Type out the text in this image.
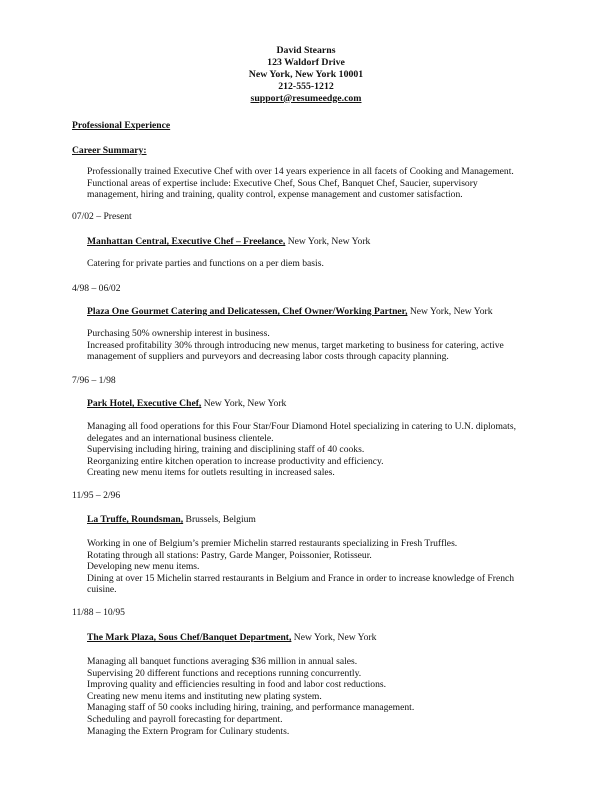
David Stearns
123 Waldorf Drive
New York, New York 10001
212-555-1212
support@resumeedge.com
Professional Experience
Career Summary:
Professionally trained Executive Chef with over 14 years experience in all facets of Cooking and Management.
Functional areas of expertise include: Executive Chef, Sous Chef, Banquet Chef, Saucier, supervisory
management, hiring and training, quality control, expense management and customer satisfaction.
07/02 – Present
Manhattan Central, Executive Chef – Freelance, New York, New York
Catering for private parties and functions on a per diem basis.
4/98 – 06/02
Plaza One Gourmet Catering and Delicatessen, Chef Owner/Working Partner, New York, New York
Purchasing 50% ownership interest in business.
Increased profitability 30% through introducing new menus, target marketing to business for catering, active
management of suppliers and purveyors and decreasing labor costs through capacity planning.
7/96 – 1/98
Park Hotel, Executive Chef, New York, New York
Managing all food operations for this Four Star/Four Diamond Hotel specializing in catering to U.N. diplomats,
delegates and an international business clientele.
Supervising including hiring, training and disciplining staff of 40 cooks.
Reorganizing entire kitchen operation to increase productivity and efficiency.
Creating new menu items for outlets resulting in increased sales.
11/95 – 2/96
La Truffe, Roundsman, Brussels, Belgium
Working in one of Belgium’s premier Michelin starred restaurants specializing in Fresh Truffles.
Rotating through all stations: Pastry, Garde Manger, Poissonier, Rotisseur.
Developing new menu items.
Dining at over 15 Michelin starred restaurants in Belgium and France in order to increase knowledge of French
cuisine.
11/88 – 10/95
The Mark Plaza, Sous Chef/Banquet Department, New York, New York
Managing all banquet functions averaging $36 million in annual sales.
Supervising 20 different functions and receptions running concurrently.
Improving quality and efficiencies resulting in food and labor cost reductions.
Creating new menu items and instituting new plating system.
Managing staff of 50 cooks including hiring, training, and performance management.
Scheduling and payroll forecasting for department.
Managing the Extern Program for Culinary students.
